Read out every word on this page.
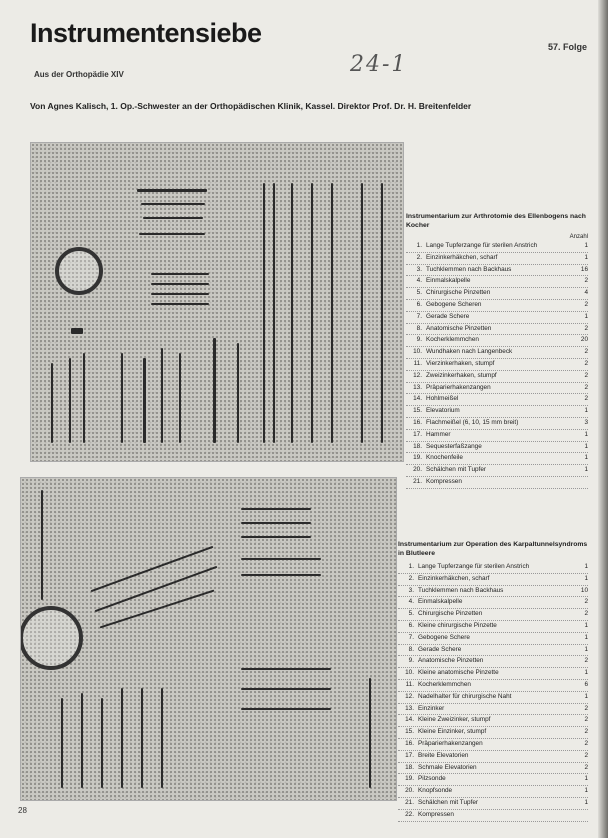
Instrumentensiebe	57. Folge
24-1
Aus der Orthopädie XIV
Von Agnes Kalisch, 1. Op.-Schwester an der Orthopädischen Klinik, Kassel. Direktor Prof. Dr. H. Breitenfelder
Instrumentarium zur Arthrotomie des Ellenbogens nach Kocher
Anzahl
1. Lange Tupferzange für sterilen Anstrich	1
2. Einzinkerhäkchen, scharf	1
3. Tuchklemmen nach Backhaus	16
4. Einmalskalpelle	2
5. Chirurgische Pinzetten	4
6. Gebogene Scheren	2
7. Gerade Schere	1
8. Anatomische Pinzetten	2
9. Kocherklemmchen	20
10. Wundhaken nach Langenbeck	2
11. Vierzinkerhaken, stumpf	2
12. Zweizinkerhaken, stumpf	2
13. Präparierhakenzangen	2
14. Hohlmeißel	2
15. Elevatorium	1
16. Flachmeißel (6, 10, 15 mm breit)	3
17. Hammer	1
18. Sequesterfaßzange	1
19. Knochenfeile	1
20. Schälchen mit Tupfer	1
21. Kompressen
Instrumentarium zur Operation des Karpaltunnelsyndroms in Blutleere
1. Lange Tupferzange für sterilen Anstrich	1
2. Einzinkerhäkchen, scharf	1
3. Tuchklemmen nach Backhaus	10
4. Einmalskalpelle	2
5. Chirurgische Pinzetten	2
6. Kleine chirurgische Pinzette	1
7. Gebogene Schere	1
8. Gerade Schere	1
9. Anatomische Pinzetten	2
10. Kleine anatomische Pinzette	1
11. Kocherklemmchen	6
12. Nadelhalter für chirurgische Naht	1
13. Einzinker	2
14. Kleine Zweizinker, stumpf	2
15. Kleine Einzinker, stumpf	2
16. Präparierhakenzangen	2
17. Breite Elevatorien	2
18. Schmale Elevatorien	2
19. Pilzsonde	1
20. Knopfsonde	1
21. Schälchen mit Tupfer	1
22. Kompressen
28
